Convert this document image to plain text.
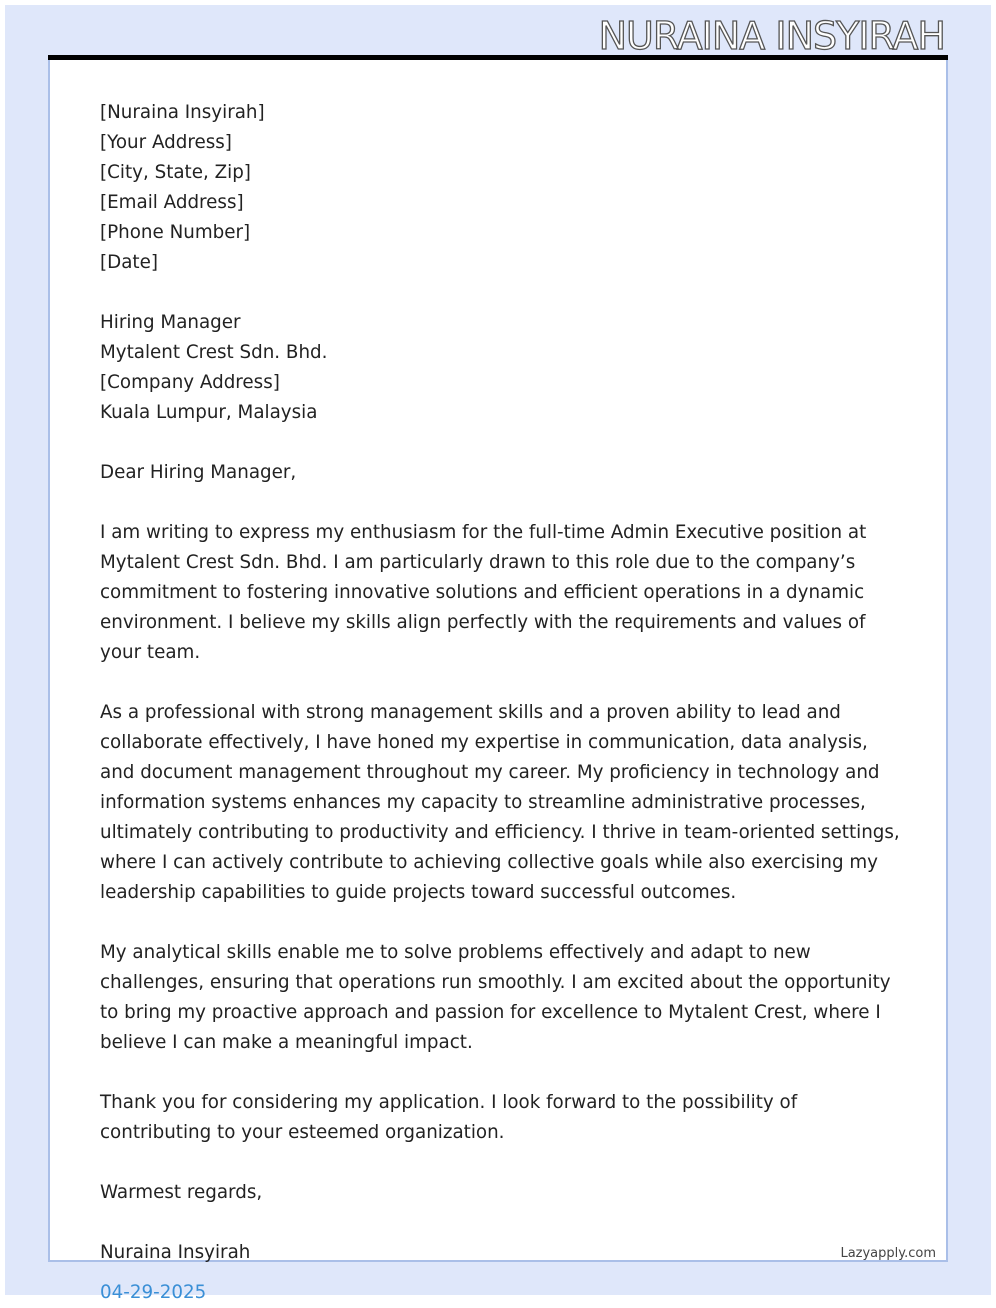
NURAINA INSYIRAH
[Nuraina Insyirah]
[Your Address]
[City, State, Zip]
[Email Address]
[Phone Number]
[Date]
Hiring Manager
Mytalent Crest Sdn. Bhd.
[Company Address]
Kuala Lumpur, Malaysia
Dear Hiring Manager,
I am writing to express my enthusiasm for the full-time Admin Executive position at Mytalent Crest Sdn. Bhd. I am particularly drawn to this role due to the company’s commitment to fostering innovative solutions and efficient operations in a dynamic environment. I believe my skills align perfectly with the requirements and values of your team.
As a professional with strong management skills and a proven ability to lead and collaborate effectively, I have honed my expertise in communication, data analysis, and document management throughout my career. My proficiency in technology and information systems enhances my capacity to streamline administrative processes, ultimately contributing to productivity and efficiency. I thrive in team-oriented settings, where I can actively contribute to achieving collective goals while also exercising my leadership capabilities to guide projects toward successful outcomes.
My analytical skills enable me to solve problems effectively and adapt to new challenges, ensuring that operations run smoothly. I am excited about the opportunity to bring my proactive approach and passion for excellence to Mytalent Crest, where I believe I can make a meaningful impact.
Thank you for considering my application. I look forward to the possibility of contributing to your esteemed organization.
Warmest regards,
Nuraina Insyirah
04-29-2025
Lazyapply.com
